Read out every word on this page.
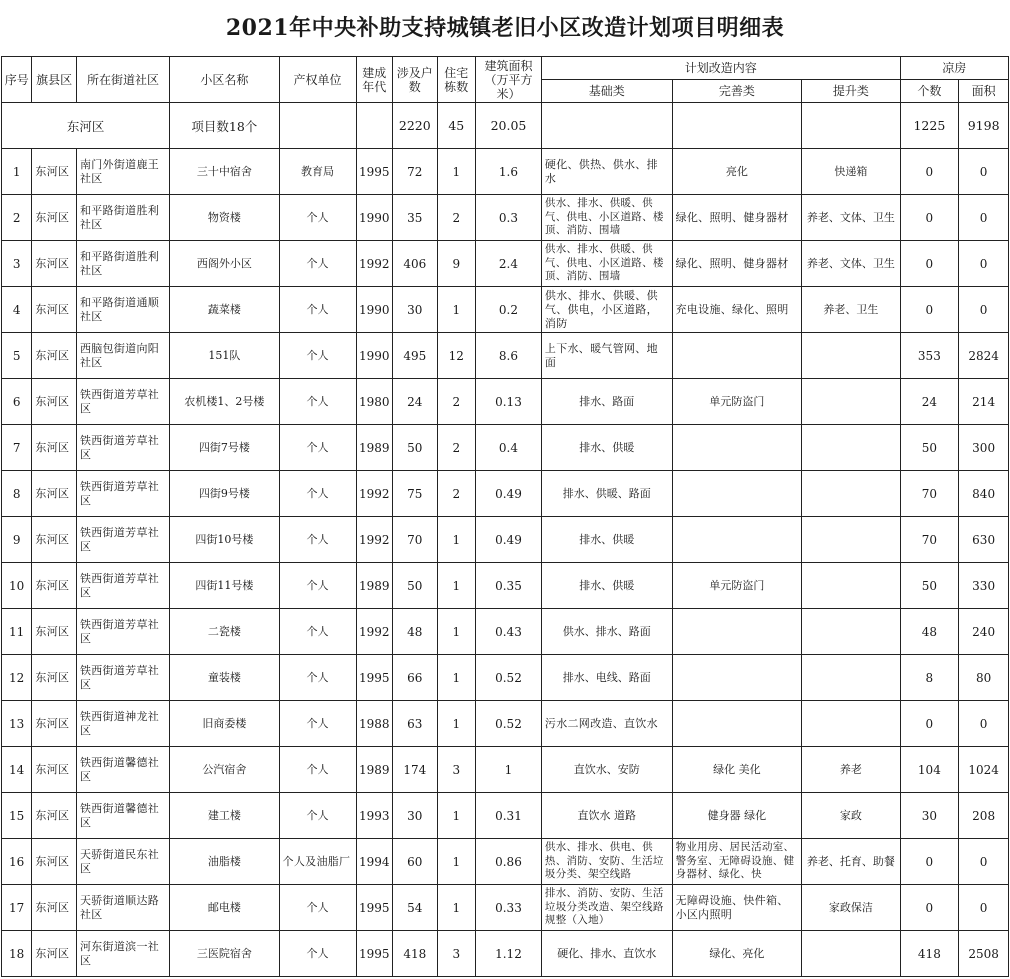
2021年中央补助支持城镇老旧小区改造计划项目明细表
序号	旗县区	所在街道社区	小区名称	产权单位	建成年代	涉及户数	住宅栋数	建筑面积（万平方米）	计划改造内容			凉房	
									基础类	完善类	提升类	个数	面积
东河区			项目数18个			2220	45	20.05				1225	9198
1	东河区	南门外街道鹿王社区	三十中宿舍	教育局	1995	72	1	1.6	硬化、供热、供水、排水	亮化	快递箱	0	0
2	东河区	和平路街道胜利社区	物资楼	个人	1990	35	2	0.3	供水、排水、供暖、供气、供电、小区道路、楼顶、消防、围墙	绿化、照明、健身器材	养老、文体、卫生	0	0
3	东河区	和平路街道胜利社区	西阁外小区	个人	1992	406	9	2.4	供水、排水、供暖、供气、供电、小区道路、楼顶、消防、围墙	绿化、照明、健身器材	养老、文体、卫生	0	0
4	东河区	和平路街道通顺社区	蔬菜楼	个人	1990	30	1	0.2	供水、排水、供暖、供气、供电，小区道路，消防	充电设施、绿化、照明	养老、卫生	0	0
5	东河区	西脑包街道向阳社区	151队	个人	1990	495	12	8.6	上下水、暖气管网、地面			353	2824
6	东河区	铁西街道芳草社区	农机楼1、2号楼	个人	1980	24	2	0.13	排水、路面	单元防盗门		24	214
7	东河区	铁西街道芳草社区	四街7号楼	个人	1989	50	2	0.4	排水、供暖			50	300
8	东河区	铁西街道芳草社区	四街9号楼	个人	1992	75	2	0.49	排水、供暖、路面			70	840
9	东河区	铁西街道芳草社区	四街10号楼	个人	1992	70	1	0.49	排水、供暖			70	630
10	东河区	铁西街道芳草社区	四街11号楼	个人	1989	50	1	0.35	排水、供暖	单元防盗门		50	330
11	东河区	铁西街道芳草社区	二瓷楼	个人	1992	48	1	0.43	供水、排水、路面			48	240
12	东河区	铁西街道芳草社区	童装楼	个人	1995	66	1	0.52	排水、电线、路面			8	80
13	东河区	铁西街道神龙社区	旧商委楼	个人	1988	63	1	0.52	污水二网改造、直饮水			0	0
14	东河区	铁西街道馨德社区	公汽宿舍	个人	1989	174	3	1	直饮水、安防	绿化 美化	养老	104	1024
15	东河区	铁西街道馨德社区	建工楼	个人	1993	30	1	0.31	直饮水 道路	健身器 绿化	家政	30	208
16	东河区	天骄街道民东社区	油脂楼	个人及油脂厂	1994	60	1	0.86	供水、排水、供电、供热、消防、安防、生活垃圾分类、架空线路	物业用房、居民活动室、警务室、无障碍设施、健身器材、绿化、快	养老、托育、助餐	0	0
17	东河区	天骄街道顺达路社区	邮电楼	个人	1995	54	1	0.33	排水、消防、安防、生活垃圾分类改造、架空线路规整（入地）	无障碍设施、快件箱、小区内照明	家政保洁	0	0
18	东河区	河东街道滨一社区	三医院宿舍	个人	1995	418	3	1.12	硬化、排水、直饮水	绿化、亮化		418	2508
